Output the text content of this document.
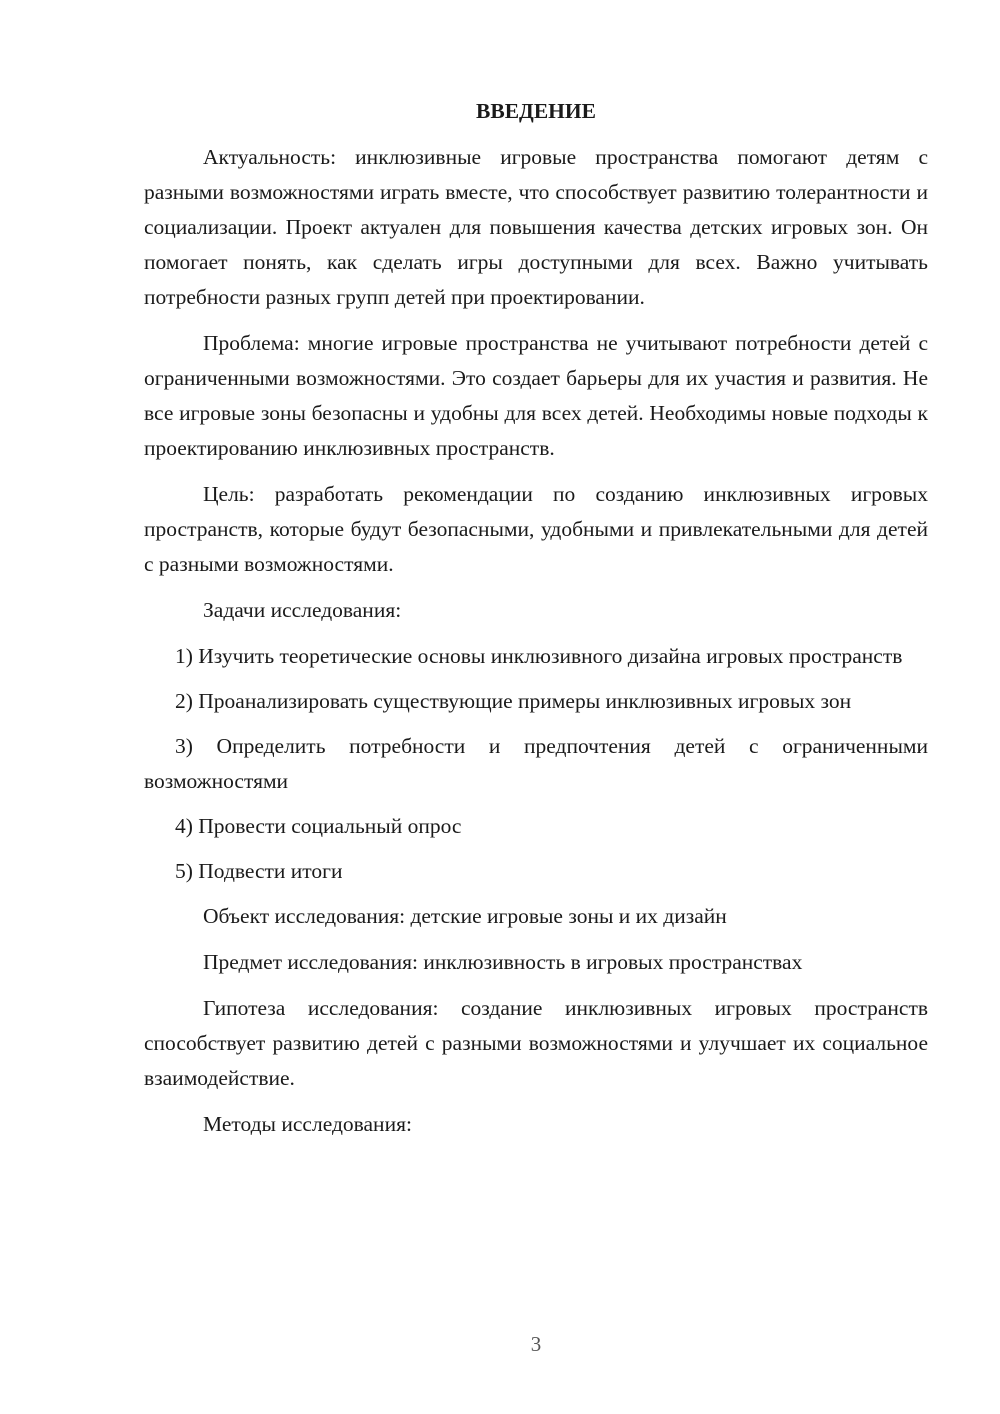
ВВЕДЕНИЕ

Актуальность: инклюзивные игровые пространства помогают детям с разными возможностями играть вместе, что способствует развитию толерантности и социализации. Проект актуален для повышения качества детских игровых зон. Он помогает понять, как сделать игры доступными для всех. Важно учитывать потребности разных групп детей при проектировании.

Проблема: многие игровые пространства не учитывают потребности детей с ограниченными возможностями. Это создает барьеры для их участия и развития. Не все игровые зоны безопасны и удобны для всех детей. Необходимы новые подходы к проектированию инклюзивных пространств.

Цель: разработать рекомендации по созданию инклюзивных игровых пространств, которые будут безопасными, удобными и привлекательными для детей с разными возможностями.

Задачи исследования:

1) Изучить теоретические основы инклюзивного дизайна игровых пространств

2) Проанализировать существующие примеры инклюзивных игровых зон

3) Определить потребности и предпочтения детей с ограниченными возможностями

4) Провести социальный опрос

5) Подвести итоги

Объект исследования: детские игровые зоны и их дизайн

Предмет исследования: инклюзивность в игровых пространствах

Гипотеза исследования: создание инклюзивных игровых пространств способствует развитию детей с разными возможностями и улучшает их социальное взаимодействие.

Методы исследования:

3
